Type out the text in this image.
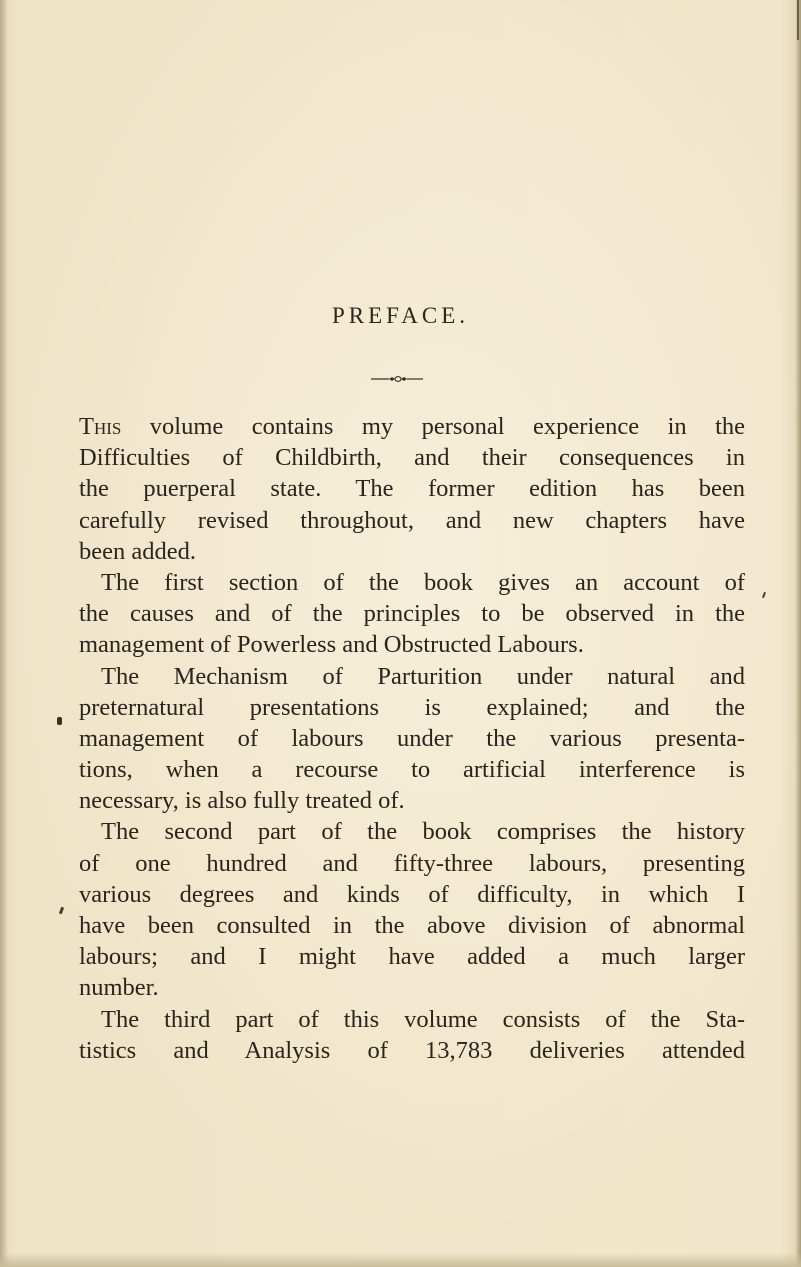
PREFACE.
This volume contains my personal experience in the
Difficulties of Childbirth, and their consequences in
the puerperal state. The former edition has been
carefully revised throughout, and new chapters have
been added.
The first section of the book gives an account of
the causes and of the principles to be observed in the
management of Powerless and Obstructed Labours.
The Mechanism of Parturition under natural and
preternatural presentations is explained; and the
management of labours under the various presenta-
tions, when a recourse to artificial interference is
necessary, is also fully treated of.
The second part of the book comprises the history
of one hundred and fifty-three labours, presenting
various degrees and kinds of difficulty, in which I
have been consulted in the above division of abnormal
labours; and I might have added a much larger
number.
The third part of this volume consists of the Sta-
tistics and Analysis of 13,783 deliveries attended
